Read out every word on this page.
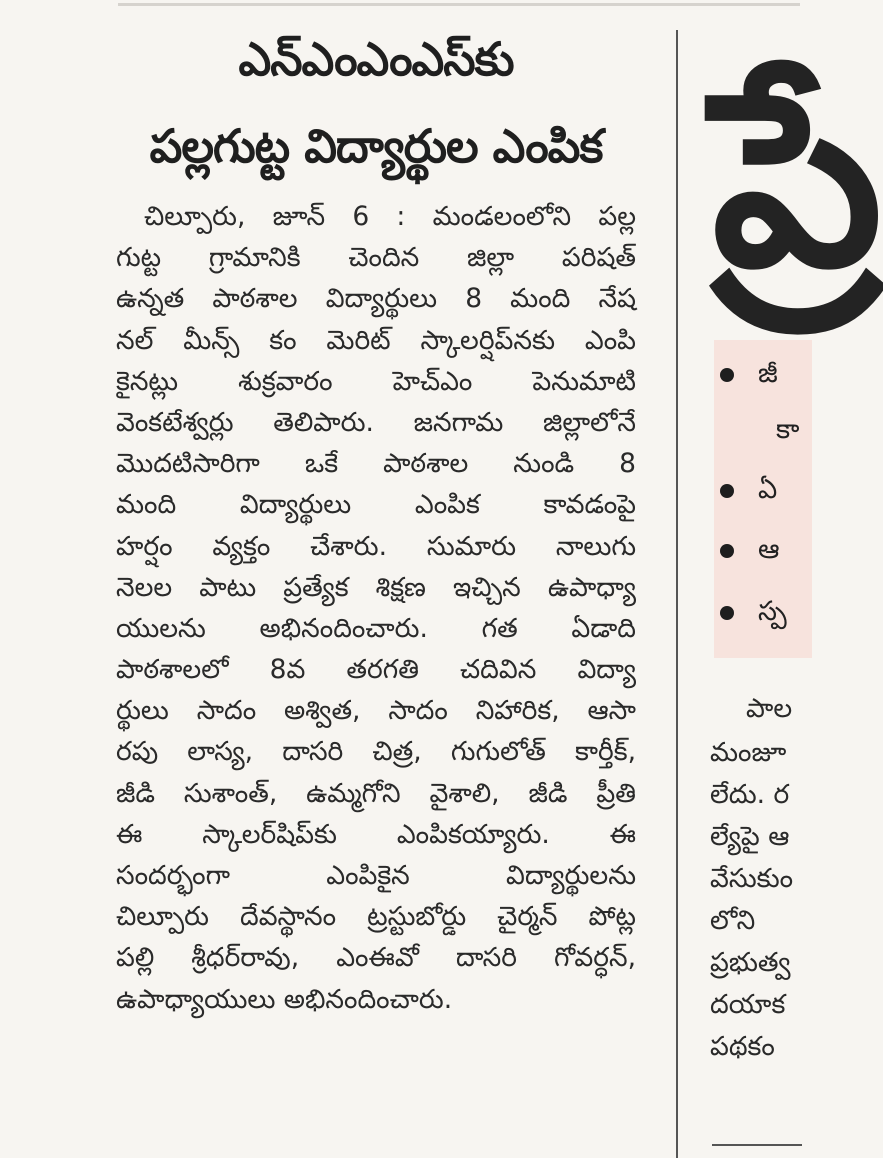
ఎన్‌ఎంఎంఎస్‌కు
పల్లగుట్ట విద్యార్థుల ఎంపిక
చిల్పూరు, జూన్‌ 6 : మండలంలోని పల్ల
గుట్ట గ్రామానికి చెందిన జిల్లా పరిషత్‌
ఉన్నత పాఠశాల విద్యార్థులు 8 మంది నేష
నల్‌ మీన్స్‌ కం మెరిట్‌ స్కాలర్షిప్‌నకు ఎంపి
కైనట్లు శుక్రవారం హెచ్‌ఎం పెనుమాటి
వెంకటేశ్వర్లు తెలిపారు. జనగామ జిల్లాలోనే
మొదటిసారిగా ఒకే పాఠశాల నుండి 8
మంది విద్యార్థులు ఎంపిక కావడంపై
హర్షం వ్యక్తం చేశారు. సుమారు నాలుగు
నెలల పాటు ప్రత్యేక శిక్షణ ఇచ్చిన ఉపాధ్యా
యులను అభినందించారు. గత ఏడాది
పాఠశాలలో 8వ తరగతి చదివిన విద్యా
ర్థులు సాదం అశ్విత, సాదం నిహారిక, ఆసా
రపు లాస్య, దాసరి చిత్ర, గుగులోత్‌ కార్తీక్‌,
జీడి సుశాంత్‌, ఉమ్మగోని వైశాలి, జీడి ప్రీతి
ఈ స్కాలర్‌షిప్‌కు ఎంపికయ్యారు. ఈ
సందర్భంగా ఎంపికైన విద్యార్థులను
చిల్పూరు దేవస్థానం ట్రస్టుబోర్డు చైర్మన్‌ పోట్ల
పల్లి శ్రీధర్‌రావు, ఎంఈవో దాసరి గోవర్ధన్‌,
ఉపాధ్యాయులు అభినందించారు.
ప్రే
జీ
కా
ఏ
ఆ
స్ప
పాల
మంజూ
లేదు. ర
ల్యేపై ఆ
వేసుకుం
లోని
ప్రభుత్వ
దయాక
పథకం
